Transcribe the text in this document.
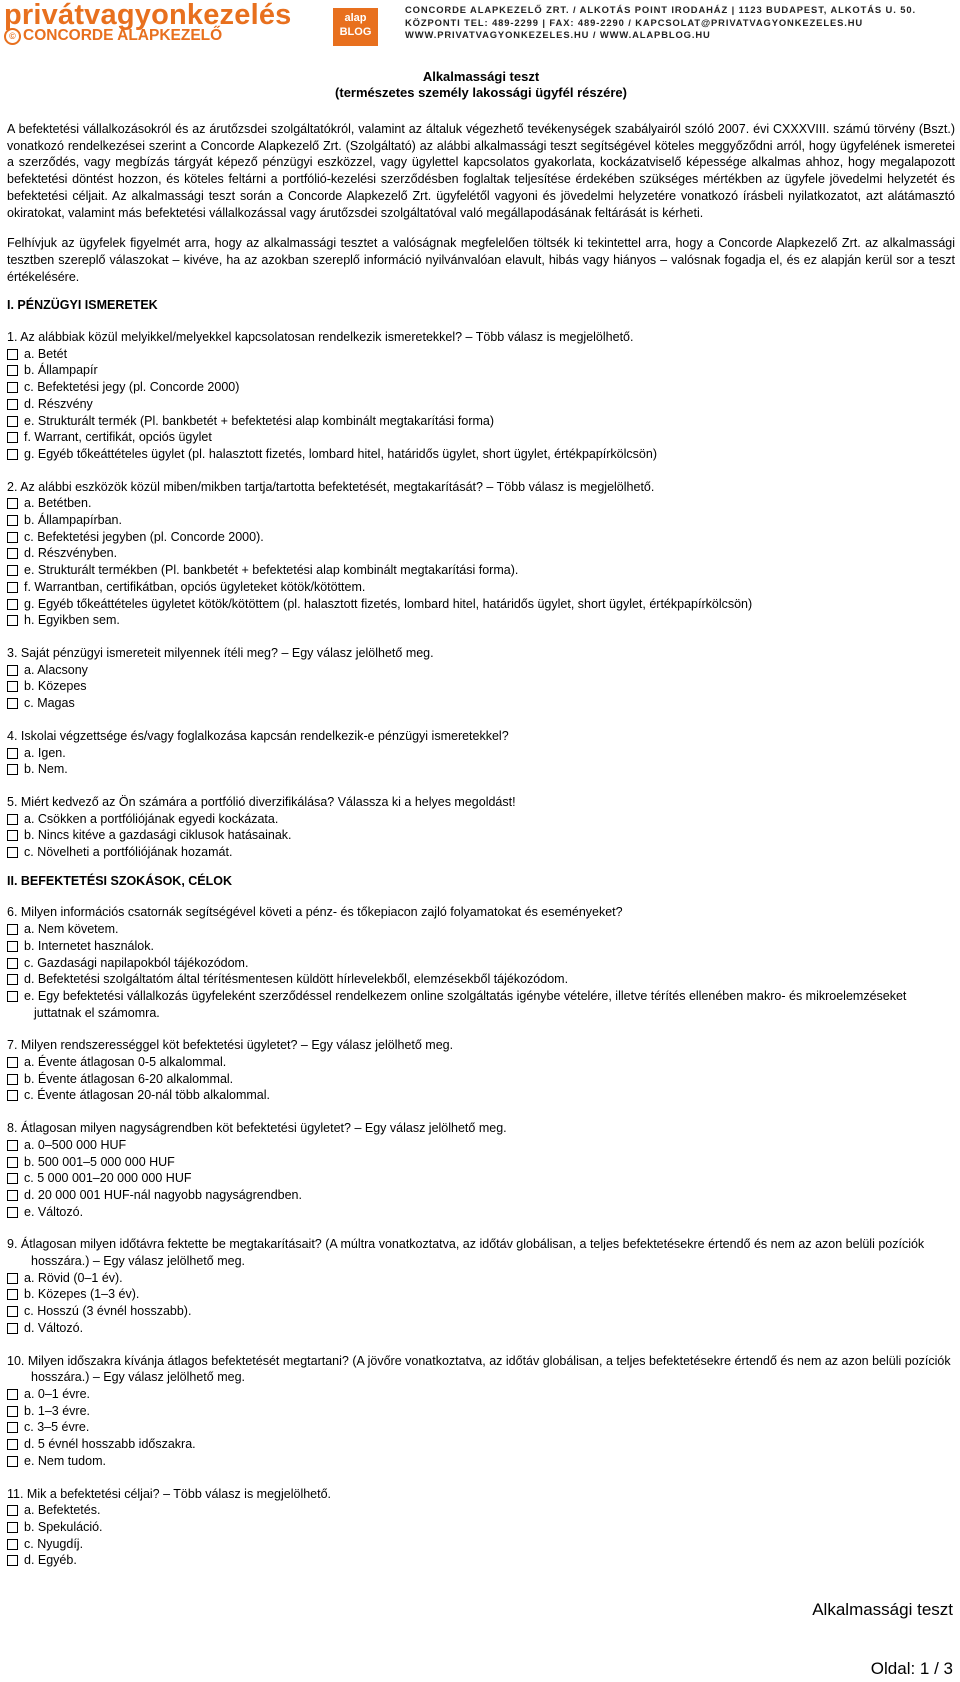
privátvagyonkezelés
© CONCORDE ALAPKEZELŐ
alap
BLOG
CONCORDE ALAPKEZELŐ ZRT. / ALKOTÁS POINT IRODAHÁZ | 1123 BUDAPEST, ALKOTÁS U. 50.
KÖZPONTI TEL: 489-2299 | FAX: 489-2290 / KAPCSOLAT@PRIVATVAGYONKEZELES.HU
WWW.PRIVATVAGYONKEZELES.HU / WWW.ALAPBLOG.HU
Alkalmassági teszt
(természetes személy lakossági ügyfél részére)

A befektetési vállalkozásokról és az árutőzsdei szolgáltatókról, valamint az általuk végezhető tevékenységek szabályairól szóló 2007. évi CXXXVIII. számú törvény (Bszt.) vonatkozó rendelkezései szerint a Concorde Alapkezelő Zrt. (Szolgáltató) az alábbi alkalmassági teszt segítségével köteles meggyőződni arról, hogy ügyfelének ismeretei a szerződés, vagy megbízás tárgyát képező pénzügyi eszközzel, vagy ügylettel kapcsolatos gyakorlata, kockázatviselő képessége alkalmas ahhoz, hogy megalapozott befektetési döntést hozzon, és köteles feltárni a portfólió-kezelési szerződésben foglaltak teljesítése érdekében szükséges mértékben az ügyfele jövedelmi helyzetét és befektetési céljait. Az alkalmassági teszt során a Concorde Alapkezelő Zrt. ügyfelétől vagyoni és jövedelmi helyzetére vonatkozó írásbeli nyilatkozatot, azt alátámasztó okiratokat, valamint más befektetési vállalkozással vagy árutőzsdei szolgáltatóval való megállapodásának feltárását is kérheti.

Felhívjuk az ügyfelek figyelmét arra, hogy az alkalmassági tesztet a valóságnak megfelelően töltsék ki tekintettel arra, hogy a Concorde Alapkezelő Zrt. az alkalmassági tesztben szereplő válaszokat – kivéve, ha az azokban szereplő információ nyilvánvalóan elavult, hibás vagy hiányos – valósnak fogadja el, és ez alapján kerül sor a teszt értékelésére.

I. PÉNZÜGYI ISMERETEK
1. Az alábbiak közül melyikkel/melyekkel kapcsolatosan rendelkezik ismeretekkel? – Több válasz is megjelölhető.
a. Betét
b. Állampapír
c. Befektetési jegy (pl. Concorde 2000)
d. Részvény
e. Strukturált termék (Pl. bankbetét + befektetési alap kombinált megtakarítási forma)
f. Warrant, certifikát, opciós ügylet
g. Egyéb tőkeáttételes ügylet (pl. halasztott fizetés, lombard hitel, határidős ügylet, short ügylet, értékpapírkölcsön)
2. Az alábbi eszközök közül miben/mikben tartja/tartotta befektetését, megtakarítását? – Több válasz is megjelölhető.
a. Betétben.
b. Állampapírban.
c. Befektetési jegyben (pl. Concorde 2000).
d. Részvényben.
e. Strukturált termékben (Pl. bankbetét + befektetési alap kombinált megtakarítási forma).
f. Warrantban, certifikátban, opciós ügyleteket kötök/kötöttem.
g. Egyéb tőkeáttételes ügyletet kötök/kötöttem (pl. halasztott fizetés, lombard hitel, határidős ügylet, short ügylet, értékpapírkölcsön)
h. Egyikben sem.
3. Saját pénzügyi ismereteit milyennek ítéli meg? – Egy válasz jelölhető meg.
a. Alacsony
b. Közepes
c. Magas
4. Iskolai végzettsége és/vagy foglalkozása kapcsán rendelkezik-e pénzügyi ismeretekkel?
a. Igen.
b. Nem.
5. Miért kedvező az Ön számára a portfólió diverzifikálása? Válassza ki a helyes megoldást!
a. Csökken a portfóliójának egyedi kockázata.
b. Nincs kitéve a gazdasági ciklusok hatásainak.
c. Növelheti a portfóliójának hozamát.
II. BEFEKTETÉSI SZOKÁSOK, CÉLOK
6. Milyen információs csatornák segítségével követi a pénz- és tőkepiacon zajló folyamatokat és eseményeket?
a. Nem követem.
b. Internetet használok.
c. Gazdasági napilapokból tájékozódom.
d. Befektetési szolgáltatóm által térítésmentesen küldött hírlevelekből, elemzésekből tájékozódom.
e. Egy befektetési vállalkozás ügyfeleként szerződéssel rendelkezem online szolgáltatás igénybe vételére, illetve térítés ellenében makro- és mikroelemzéseket juttatnak el számomra.
7. Milyen rendszerességgel köt befektetési ügyletet? – Egy válasz jelölhető meg.
a. Évente átlagosan 0-5 alkalommal.
b. Évente átlagosan 6-20 alkalommal.
c. Évente átlagosan 20-nál több alkalommal.
8. Átlagosan milyen nagyságrendben köt befektetési ügyletet? – Egy válasz jelölhető meg.
a. 0–500 000 HUF
b. 500 001–5 000 000 HUF
c. 5 000 001–20 000 000 HUF
d. 20 000 001 HUF-nál nagyobb nagyságrendben.
e. Változó.
9. Átlagosan milyen időtávra fektette be megtakarításait? (A múltra vonatkoztatva, az időtáv globálisan, a teljes befektetésekre értendő és nem az azon belüli pozíciók hosszára.) – Egy válasz jelölhető meg.
a. Rövid (0–1 év).
b. Közepes (1–3 év).
c. Hosszú (3 évnél hosszabb).
d. Változó.
10. Milyen időszakra kívánja átlagos befektetését megtartani? (A jövőre vonatkoztatva, az időtáv globálisan, a teljes befektetésekre értendő és nem az azon belüli pozíciók hosszára.) – Egy válasz jelölhető meg.
a. 0–1 évre.
b. 1–3 évre.
c. 3–5 évre.
d. 5 évnél hosszabb időszakra.
e. Nem tudom.
11. Mik a befektetési céljai? – Több válasz is megjelölhető.
a. Befektetés.
b. Spekuláció.
c. Nyugdíj.
d. Egyéb.
Alkalmassági teszt
Oldal: 1 / 3
